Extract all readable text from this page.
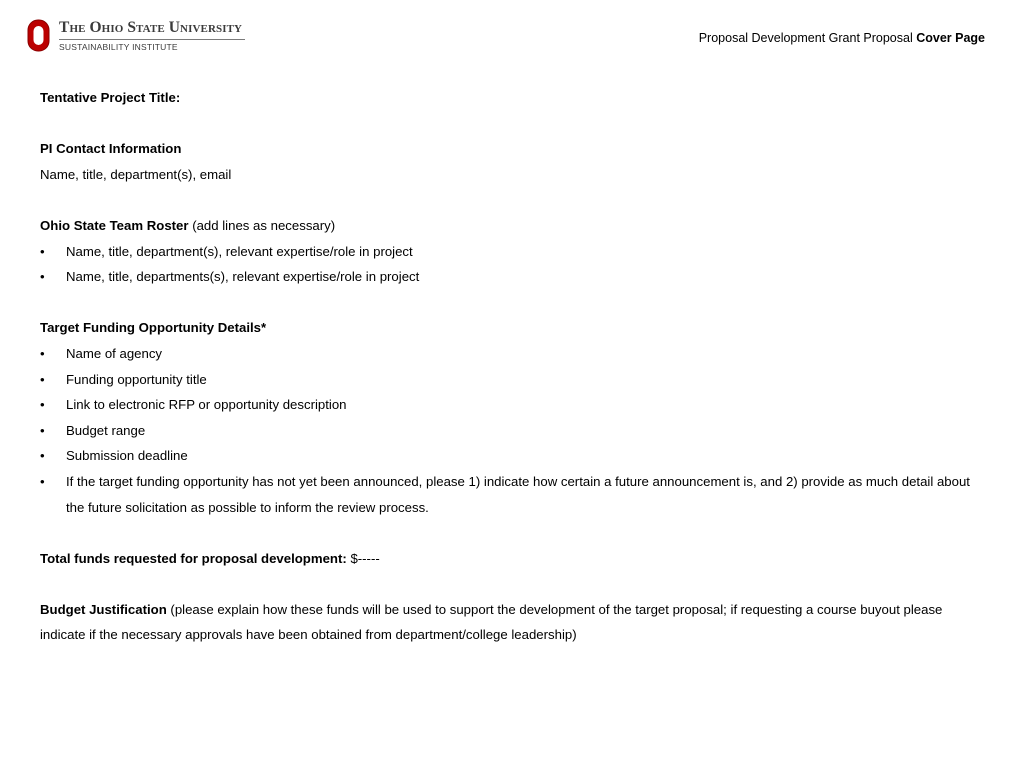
The Ohio State University
SUSTAINABILITY INSTITUTE
Proposal Development Grant Proposal Cover Page
Tentative Project Title:
PI Contact Information
Name, title, department(s), email
Ohio State Team Roster (add lines as necessary)
•	Name, title, department(s), relevant expertise/role in project
•	Name, title, departments(s), relevant expertise/role in project
Target Funding Opportunity Details*
•	Name of agency
•	Funding opportunity title
•	Link to electronic RFP or opportunity description
•	Budget range
•	Submission deadline
•	If the target funding opportunity has not yet been announced, please 1) indicate how certain a future announcement is, and 2) provide as much detail about the future solicitation as possible to inform the review process.
Total funds requested for proposal development: $-----
Budget Justification (please explain how these funds will be used to support the development of the target proposal; if requesting a course buyout please indicate if the necessary approvals have been obtained from department/college leadership)
